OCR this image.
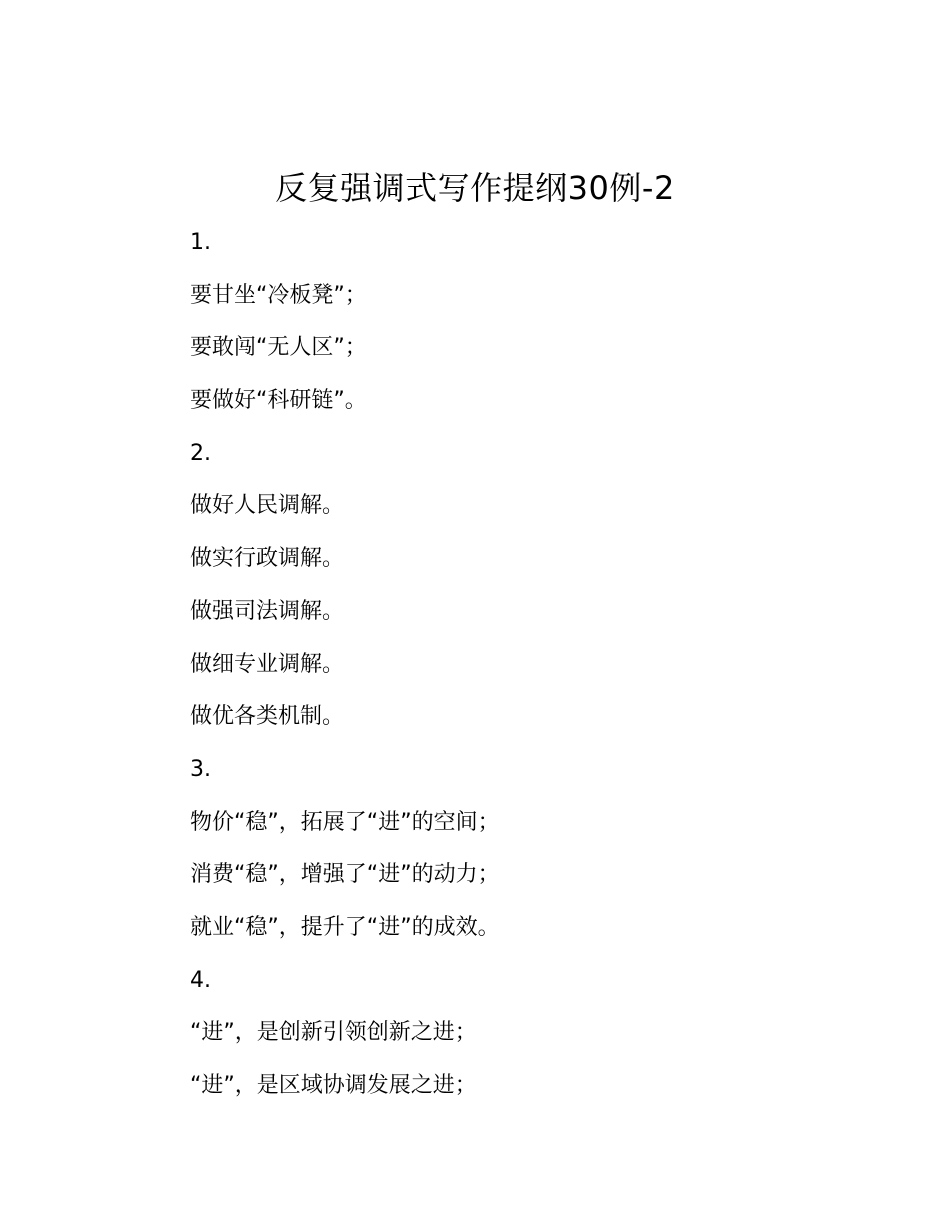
反复强调式写作提纲30例-2
1.
要甘坐“冷板凳”；
要敢闯“无人区”；
要做好“科研链”。
2.
做好人民调解。
做实行政调解。
做强司法调解。
做细专业调解。
做优各类机制。
3.
物价“稳”，拓展了“进”的空间；
消费“稳”，增强了“进”的动力；
就业“稳”，提升了“进”的成效。
4.
“进”，是创新引领创新之进；
“进”，是区域协调发展之进；
